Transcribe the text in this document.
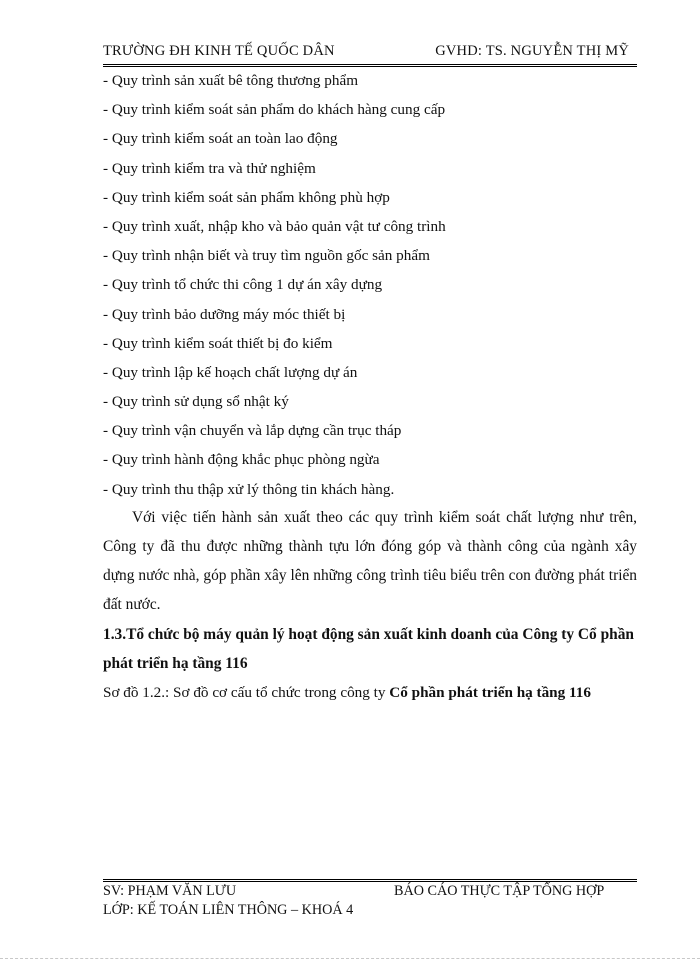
TRƯỜNG ĐH KINH TẾ QUỐC DÂN	GVHD: TS. NGUYỄN THỊ MỸ
- Quy trình sản xuất bê tông thương phẩm
- Quy trình kiểm soát sản phẩm do khách hàng cung cấp
- Quy trình kiểm soát an toàn lao động
- Quy trình kiểm tra và thử nghiệm
- Quy trình kiểm soát sản phẩm không phù hợp
- Quy trình xuất, nhập kho và bảo quản vật tư công trình
- Quy trình nhận biết và truy tìm nguồn gốc sản phẩm
- Quy trình tổ chức thi công 1 dự án xây dựng
- Quy trình bảo dưỡng máy móc thiết bị
- Quy trình kiểm soát thiết bị đo kiểm
- Quy trình lập kế hoạch chất lượng dự án
- Quy trình sử dụng sổ nhật ký
- Quy trình vận chuyển và lắp dựng cần trục tháp
- Quy trình hành động khắc phục phòng ngừa
- Quy trình thu thập xử lý thông tin khách hàng.

Với việc tiến hành sản xuất theo các quy trình kiểm soát chất lượng như trên, Công ty đã thu được những thành tựu lớn đóng góp và thành công của ngành xây dựng nước nhà, góp phần xây lên những công trình tiêu biểu trên con đường phát triển đất nước.

1.3.Tổ chức bộ máy quản lý hoạt động sản xuất kinh doanh của Công ty Cổ phần phát triển hạ tầng 116

Sơ đồ 1.2.: Sơ đồ cơ cấu tổ chức trong công ty Cổ phần phát triển hạ tầng 116

SV: PHẠM VĂN LƯU	BÁO CÁO THỰC TẬP TỔNG HỢP
LỚP: KẾ TOÁN LIÊN THÔNG – KHOÁ 4
